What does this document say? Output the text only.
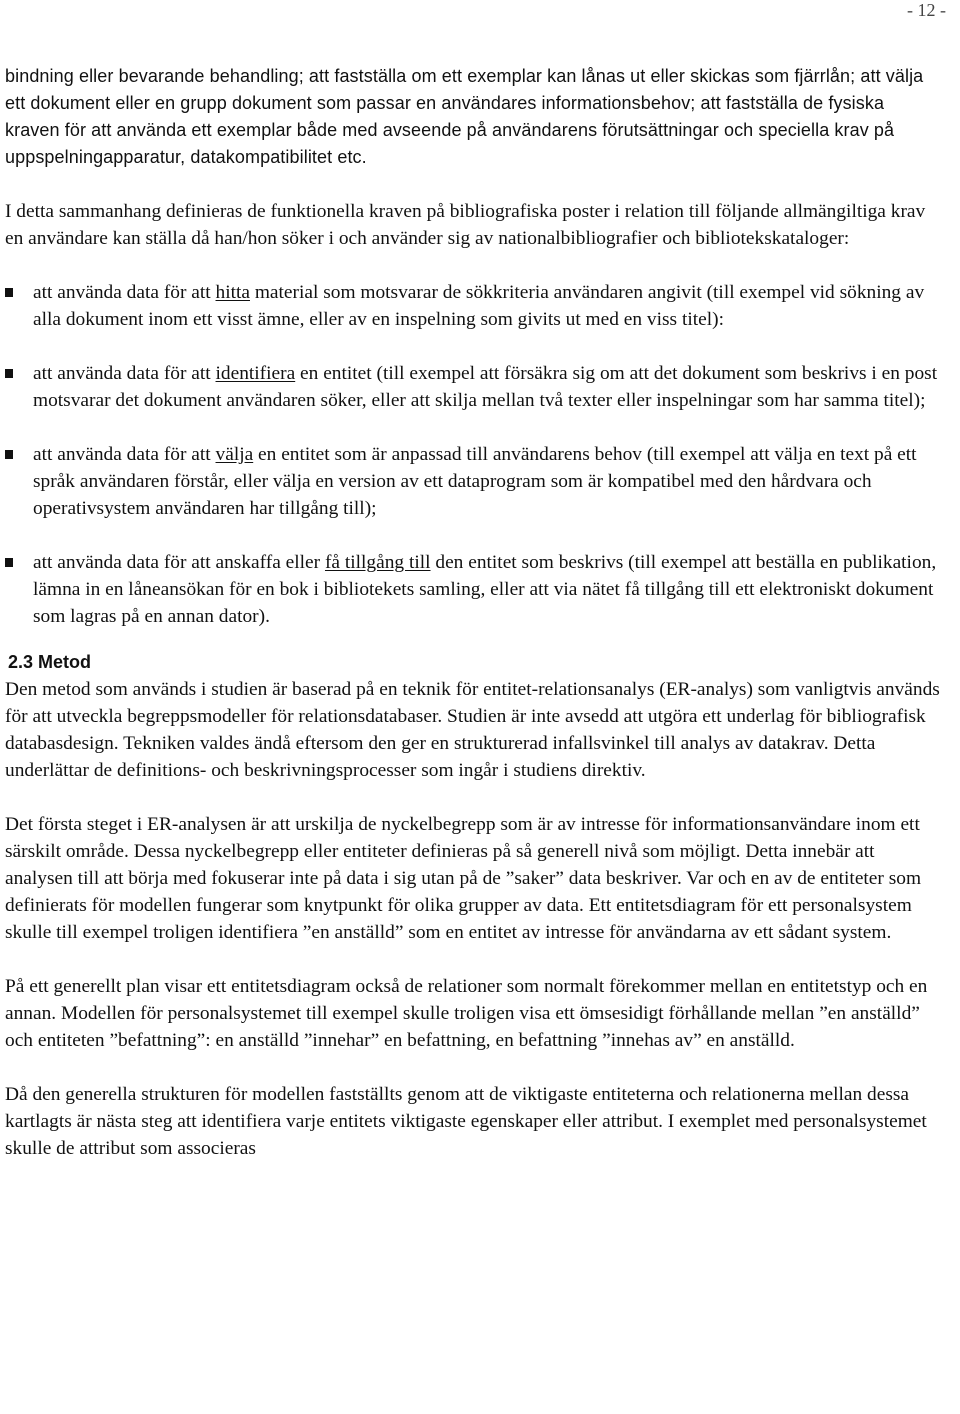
- 12 -

bindning eller bevarande behandling; att fastställa om ett exemplar kan lånas ut eller skickas som fjärrlån; att välja ett dokument eller en grupp dokument som passar en användares informationsbehov; att fastställa de fysiska kraven för att använda ett exemplar både med avseende på användarens förutsättningar och speciella krav på uppspelningapparatur, datakompatibilitet etc.

I detta sammanhang definieras de funktionella kraven på bibliografiska poster i relation till följande allmängiltiga krav en användare kan ställa då han/hon söker i och använder sig av nationalbibliografier och bibliotekskataloger:

att använda data för att hitta material som motsvarar de sökkriteria användaren angivit (till exempel vid sökning av alla dokument inom ett visst ämne, eller av en inspelning som givits ut med en viss titel):
att använda data för att identifiera en entitet (till exempel att försäkra sig om att det dokument som beskrivs i en post motsvarar det dokument användaren söker, eller att skilja mellan två texter eller inspelningar som har samma titel);
att använda data för att välja en entitet som är anpassad till användarens behov (till exempel att välja en text på ett språk användaren förstår, eller välja en version av ett dataprogram som är kompatibel med den hårdvara och operativsystem användaren har tillgång till);
att använda data för att anskaffa eller få tillgång till den entitet som beskrivs (till exempel att beställa en publikation, lämna in en låneansökan för en bok i bibliotekets samling, eller att via nätet få tillgång till ett elektroniskt dokument som lagras på en annan dator).
2.3 Metod

Den metod som används i studien är baserad på en teknik för entitet-relationsanalys (ER-analys) som vanligtvis används för att utveckla begreppsmodeller för relationsdatabaser. Studien är inte avsedd att utgöra ett underlag för bibliografisk databasdesign. Tekniken valdes ändå eftersom den ger en strukturerad infallsvinkel till analys av datakrav. Detta underlättar de definitions- och beskrivningsprocesser som ingår i studiens direktiv.

Det första steget i ER-analysen är att urskilja de nyckelbegrepp som är av intresse för informationsanvändare inom ett särskilt område. Dessa nyckelbegrepp eller entiteter definieras på så generell nivå som möjligt. Detta innebär att analysen till att börja med fokuserar inte på data i sig utan på de ”saker” data beskriver. Var och en av de entiteter som definierats för modellen fungerar som knytpunkt för olika grupper av data. Ett entitetsdiagram för ett personalsystem skulle till exempel troligen identifiera ”en anställd” som en entitet av intresse för användarna av ett sådant system.

På ett generellt plan visar ett entitetsdiagram också de relationer som normalt förekommer mellan en entitetstyp och en annan. Modellen för personalsystemet till exempel skulle troligen visa ett ömsesidigt förhållande mellan ”en anställd” och entiteten ”befattning”: en anställd ”innehar” en befattning, en befattning ”innehas av” en anställd.

Då den generella strukturen för modellen fastställts genom att de viktigaste entiteterna och relationerna mellan dessa kartlagts är nästa steg att identifiera varje entitets viktigaste egenskaper eller attribut. I exemplet med personalsystemet skulle de attribut som associeras
